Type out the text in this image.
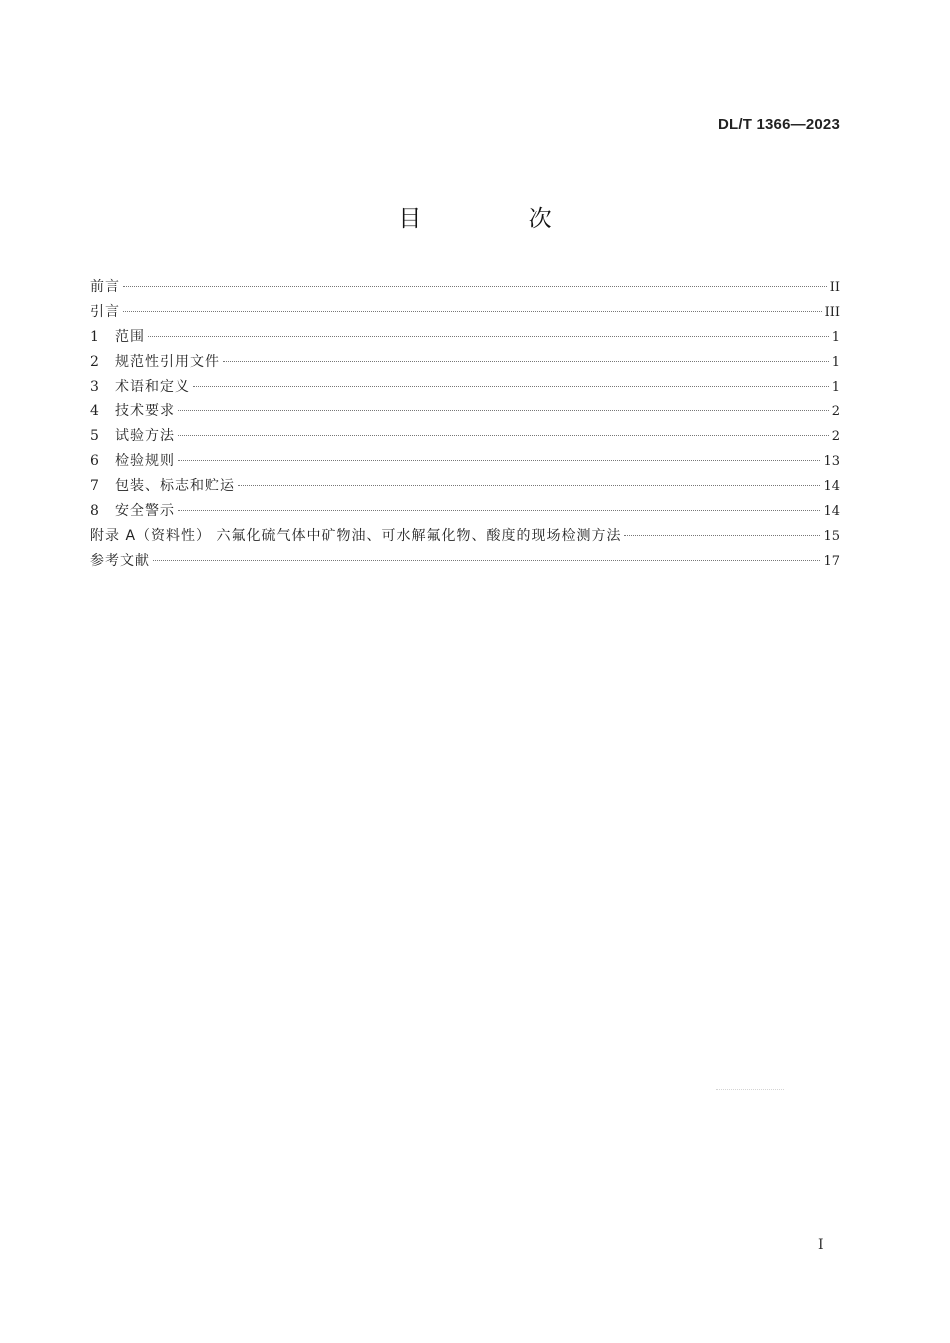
DL/T 1366—2023
目 次
前言	II
引言	III
1	范围	1
2	规范性引用文件	1
3	术语和定义	1
4	技术要求	2
5	试验方法	2
6	检验规则	13
7	包装、标志和贮运	14
8	安全警示	14
附录 A（资料性） 六氟化硫气体中矿物油、可水解氟化物、酸度的现场检测方法	15
参考文献	17
I
